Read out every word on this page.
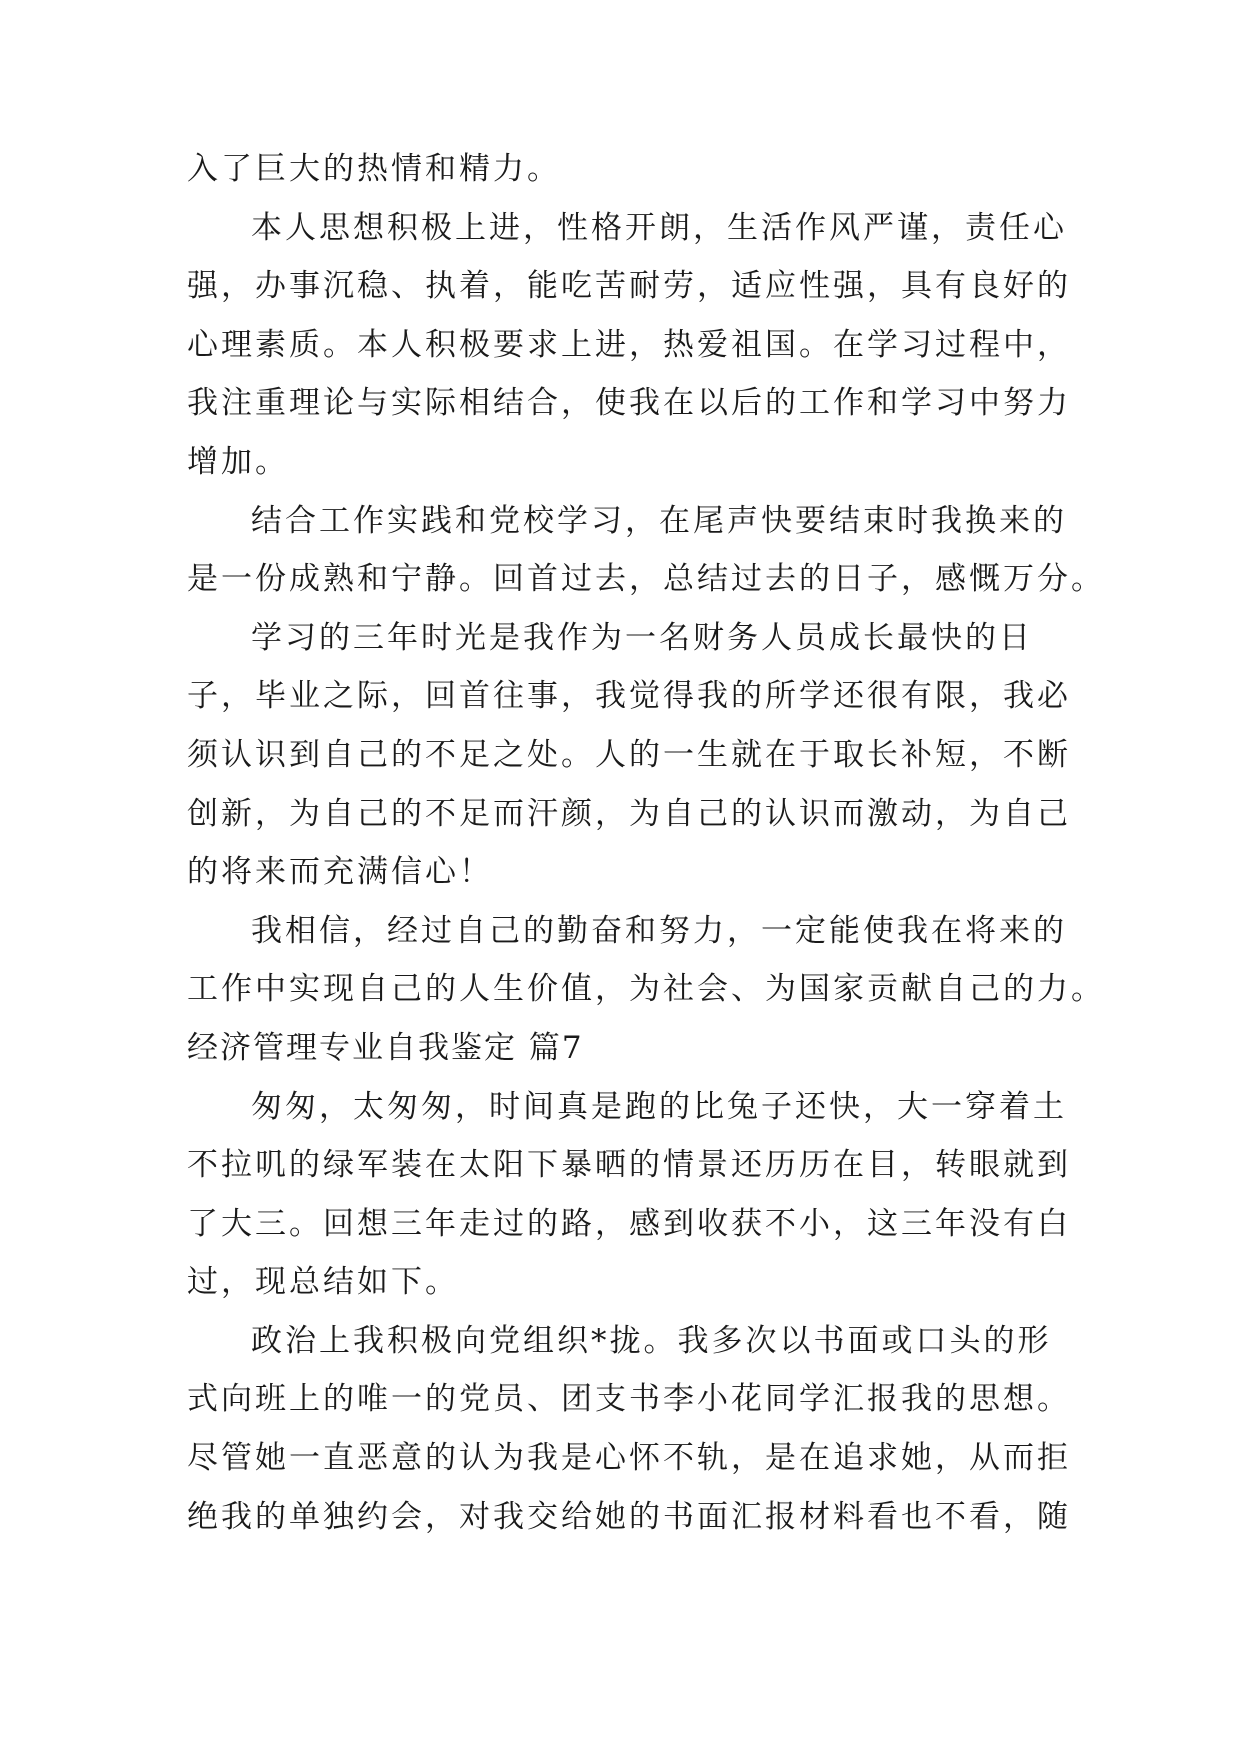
入了巨大的热情和精力。
本人思想积极上进，性格开朗，生活作风严谨，责任心
强，办事沉稳、执着，能吃苦耐劳，适应性强，具有良好的
心理素质。本人积极要求上进，热爱祖国。在学习过程中，
我注重理论与实际相结合，使我在以后的工作和学习中努力
增加。
结合工作实践和党校学习，在尾声快要结束时我换来的
是一份成熟和宁静。回首过去，总结过去的日子，感慨万分。
学习的三年时光是我作为一名财务人员成长最快的日
子，毕业之际，回首往事，我觉得我的所学还很有限，我必
须认识到自己的不足之处。人的一生就在于取长补短，不断
创新，为自己的不足而汗颜，为自己的认识而激动，为自己
的将来而充满信心！
我相信，经过自己的勤奋和努力，一定能使我在将来的
工作中实现自己的人生价值，为社会、为国家贡献自己的力。
经济管理专业自我鉴定 篇7
匆匆，太匆匆，时间真是跑的比兔子还快，大一穿着土
不拉叽的绿军装在太阳下暴晒的情景还历历在目，转眼就到
了大三。回想三年走过的路，感到收获不小，这三年没有白
过，现总结如下。
政治上我积极向党组织*拢。我多次以书面或口头的形
式向班上的唯一的党员、团支书李小花同学汇报我的思想。
尽管她一直恶意的认为我是心怀不轨，是在追求她，从而拒
绝我的单独约会，对我交给她的书面汇报材料看也不看，随
